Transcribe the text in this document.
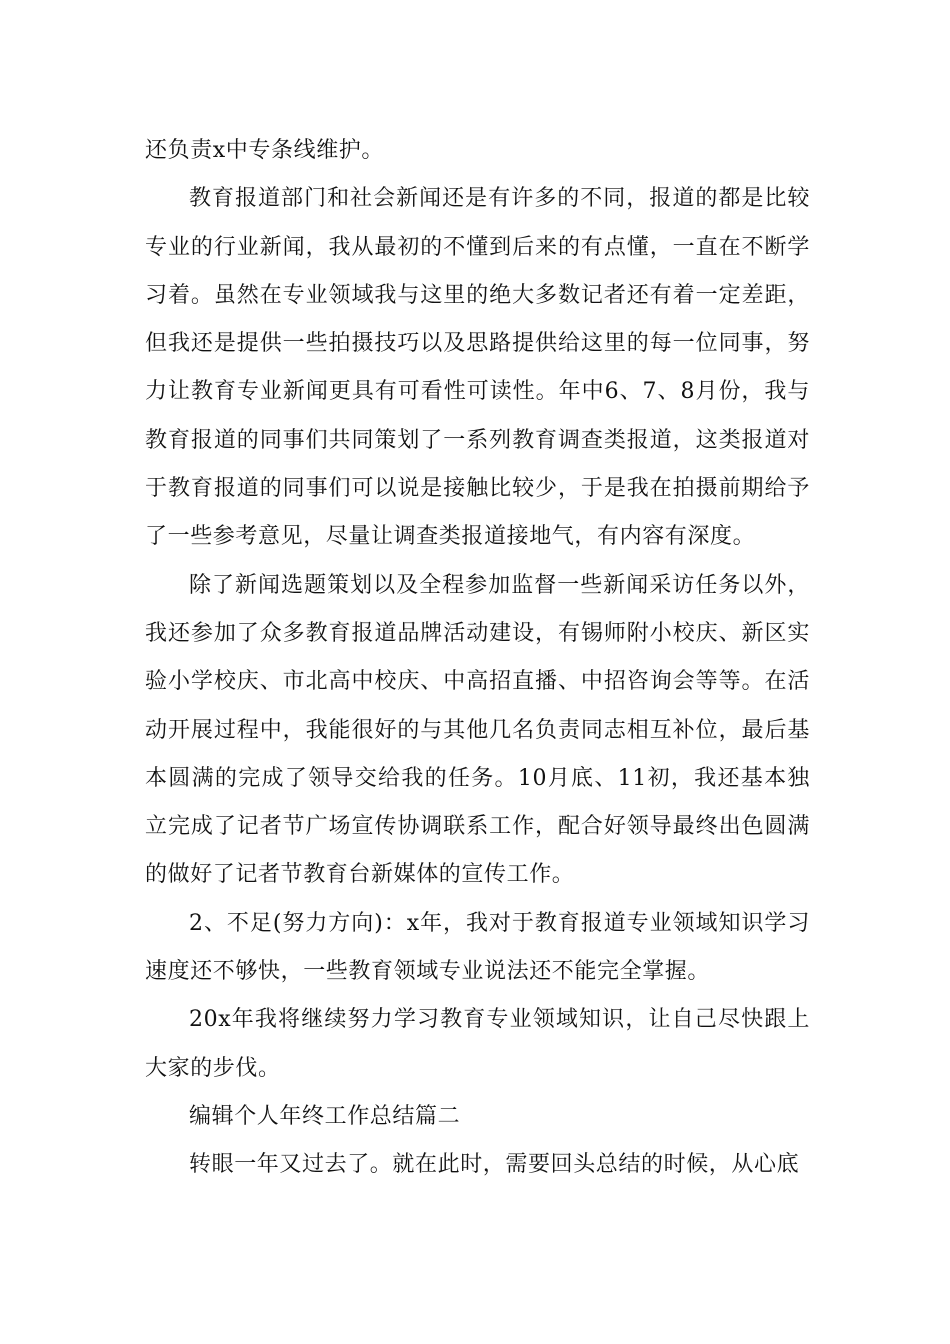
还负责x中专条线维护。

教育报道部门和社会新闻还是有许多的不同，报道的都是比较专业的行业新闻，我从最初的不懂到后来的有点懂，一直在不断学习着。虽然在专业领域我与这里的绝大多数记者还有着一定差距，但我还是提供一些拍摄技巧以及思路提供给这里的每一位同事，努力让教育专业新闻更具有可看性可读性。年中6、7、8月份，我与教育报道的同事们共同策划了一系列教育调查类报道，这类报道对于教育报道的同事们可以说是接触比较少，于是我在拍摄前期给予了一些参考意见，尽量让调查类报道接地气，有内容有深度。

除了新闻选题策划以及全程参加监督一些新闻采访任务以外，我还参加了众多教育报道品牌活动建设，有锡师附小校庆、新区实验小学校庆、市北高中校庆、中高招直播、中招咨询会等等。在活动开展过程中，我能很好的与其他几名负责同志相互补位，最后基本圆满的完成了领导交给我的任务。10月底、11初，我还基本独立完成了记者节广场宣传协调联系工作，配合好领导最终出色圆满的做好了记者节教育台新媒体的宣传工作。

2、不足(努力方向)：x年，我对于教育报道专业领域知识学习速度还不够快，一些教育领域专业说法还不能完全掌握。

20x年我将继续努力学习教育专业领域知识，让自己尽快跟上大家的步伐。

编辑个人年终工作总结篇二

转眼一年又过去了。就在此时，需要回头总结的时候，从心底
